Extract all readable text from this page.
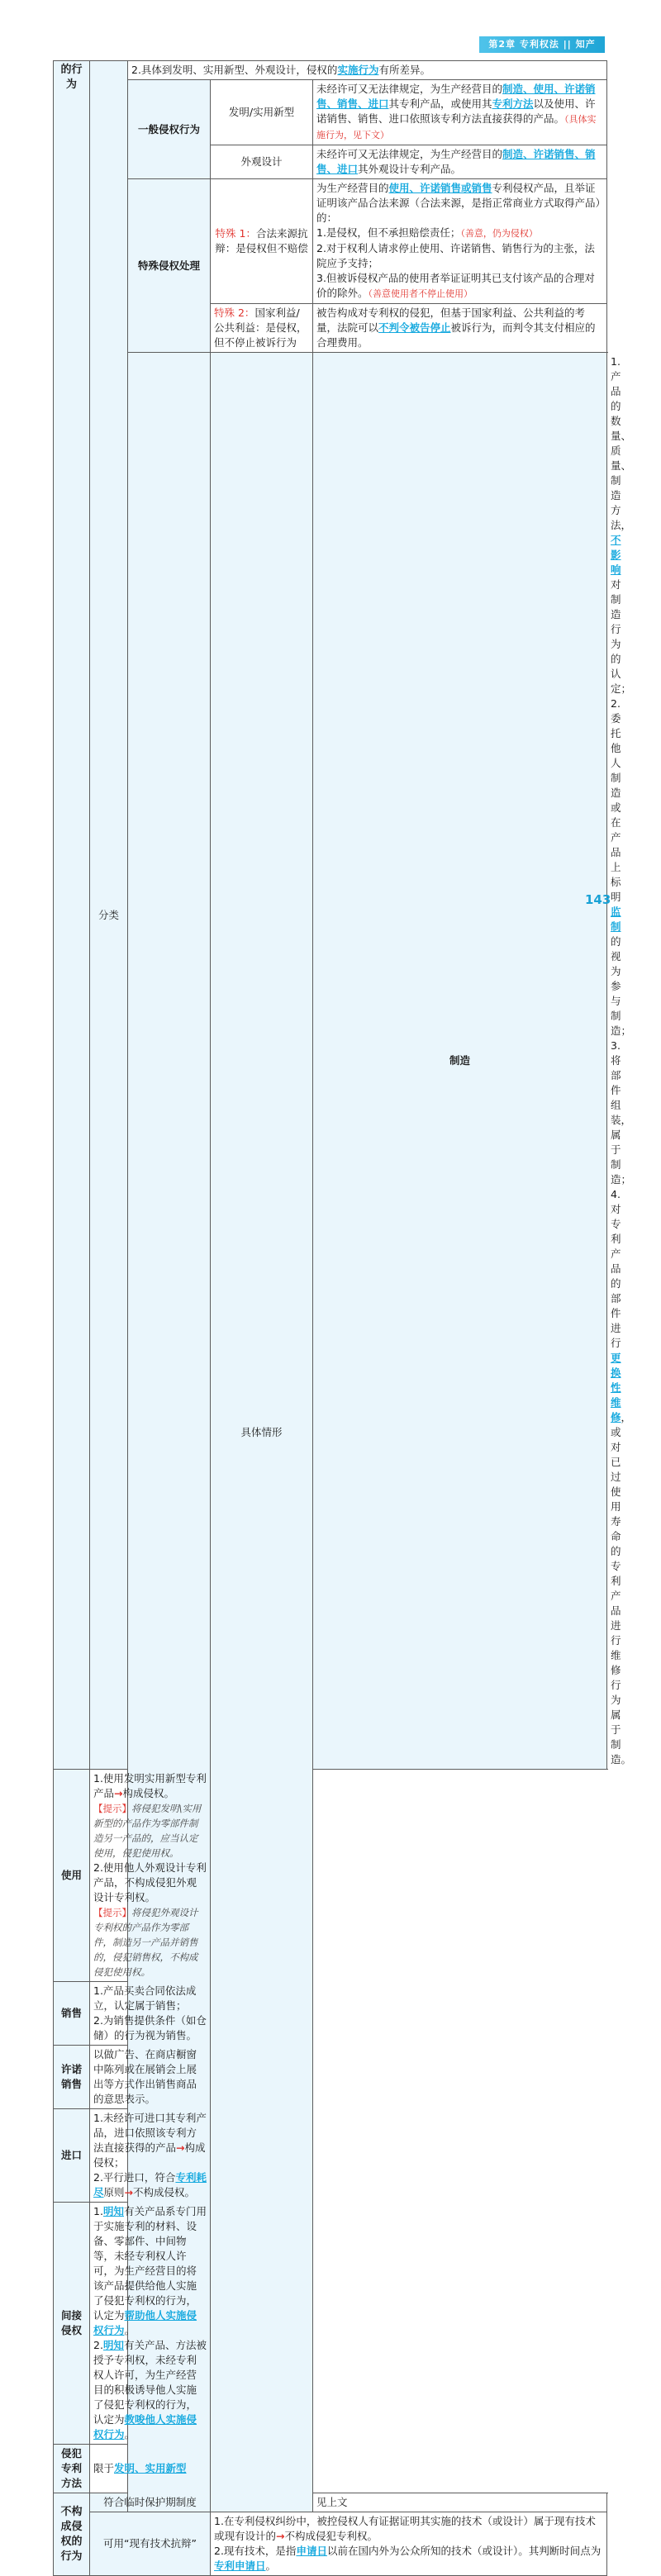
第2章 专利权法 || 知产
的行为	分类	2.具体到发明、实用新型、外观设计，侵权的实施行为有所差异。			
		一般侵权行为	发明/实用新型	未经许可又无法律规定，为生产经营目的制造、使用、许诺销售、销售、进口其专利产品，或使用其专利方法以及使用、许诺销售、销售、进口依照该专利方法直接获得的产品。（具体实施行为，见下文）	
			外观设计	未经许可又无法律规定，为生产经营目的制造、许诺销售、销售、进口其外观设计专利产品。	
		特殊侵权处理	特殊 1：合法来源抗辩：是侵权但不赔偿	为生产经营目的使用、许诺销售或销售专利侵权产品，且举证证明该产品合法来源（合法来源，是指正常商业方式取得产品）的：
1.是侵权，但不承担赔偿责任；（善意，仍为侵权）
2.对于权利人请求停止使用、许诺销售、销售行为的主张，法院应予支持；
3.但被诉侵权产品的使用者举证证明其已支付该产品的合理对价的除外。（善意使用者不停止使用）	

			特殊 2：国家利益/公共利益：是侵权，但不停止被诉行为	被告构成对专利权的侵犯，但基于国家利益、公共利益的考量，法院可以不判令被告停止被诉行为，而判令其支付相应的合理费用。	
			具体情形	制造	1.产品的数量、质量、制造方法，不影响对制造行为的认定；
2.委托他人制造或在产品上标明监制的视为参与制造；
3.将部件组装，属于制造；
4.对专利产品的部件进行更换性维修，或对已过使用寿命的专利产品进行维修行为属于制造。

使用	1.使用发明实用新型专利产品→构成侵权。
【提示】将侵犯发明\实用新型的产品作为零部件制造另一产品的，应当认定使用，侵犯使用权。
2.使用他人外观设计专利产品，不构成侵犯外观设计专利权。
【提示】将侵犯外观设计专利权的产品作为零部件，制造另一产品并销售的，侵犯销售权，不构成侵犯使用权。				

销售	1.产品买卖合同依法成立，认定属于销售；
2.为销售提供条件（如仓储）的行为视为销售。				

许诺销售	以做广告、在商店橱窗中陈列或在展销会上展出等方式作出销售商品的意思表示。				
进口	1.未经许可进口其专利产品，进口依照该专利方法直接获得的产品→构成侵权；
2.平行进口，符合专利耗尽原则→不构成侵权。				

间接侵权	1.明知有关产品系专门用于实施专利的材料、设备、零部件、中间物等，未经专利权人许可，为生产经营目的将该产品提供给他人实施了侵犯专利权的行为，认定为帮助他人实施侵权行为。
2.明知有关产品、方法被授予专利权，未经专利权人许可，为生产经营目的积极诱导他人实施了侵犯专利权的行为，认定为教唆他人实施侵权行为。				

侵犯专利方法	限于发明、实用新型				
不构成侵权的行为	符合临时保护期制度			见上文	
	可用“现有技术抗辩”		1.在专利侵权纠纷中，被控侵权人有证据证明其实施的技术（或设计）属于现有技术或现有设计的→不构成侵犯专利权。
2.现有技术，是指申请日以前在国内外为公众所知的技术（或设计）。其判断时间点为专利申请日。		
143
